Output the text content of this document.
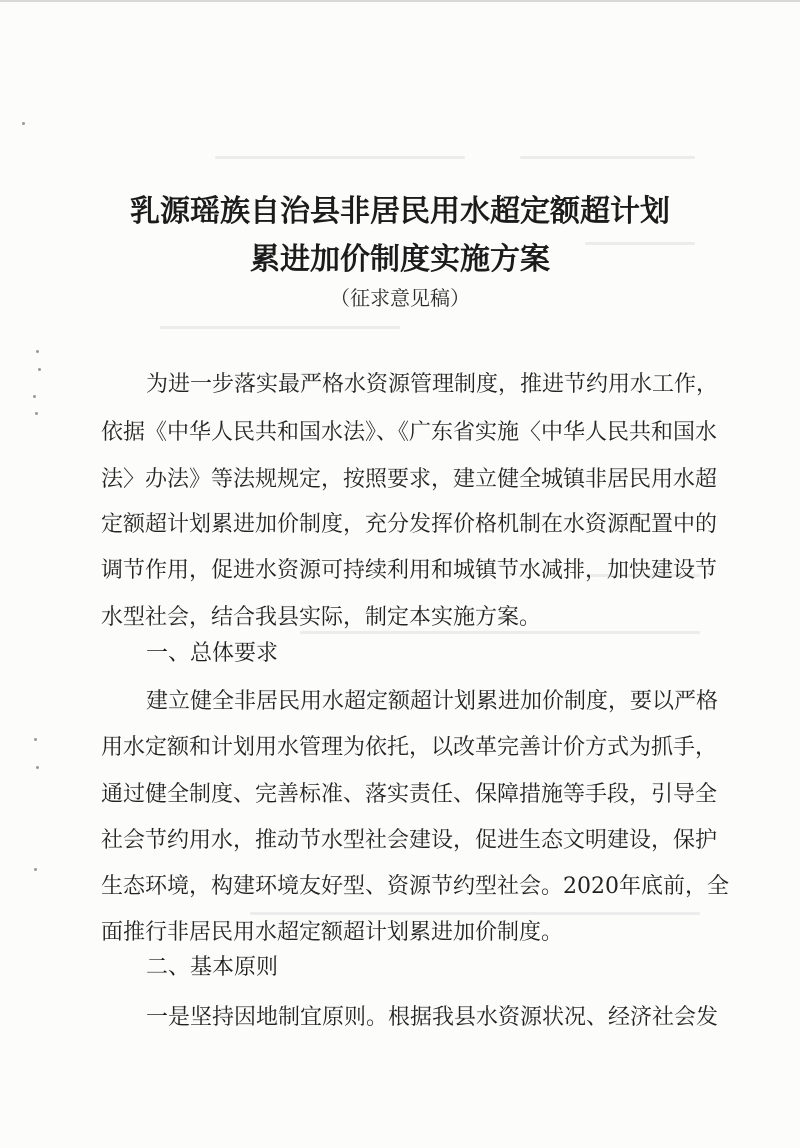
乳源瑶族自治县非居民用水超定额超计划
累进加价制度实施方案
（征求意见稿）
为进一步落实最严格水资源管理制度，推进节约用水工作，
依据《中华人民共和国水法》、《广东省实施〈中华人民共和国水
法〉办法》等法规规定，按照要求，建立健全城镇非居民用水超
定额超计划累进加价制度，充分发挥价格机制在水资源配置中的
调节作用，促进水资源可持续利用和城镇节水减排，加快建设节
水型社会，结合我县实际，制定本实施方案。
一、总体要求
建立健全非居民用水超定额超计划累进加价制度，要以严格
用水定额和计划用水管理为依托，以改革完善计价方式为抓手，
通过健全制度、完善标准、落实责任、保障措施等手段，引导全
社会节约用水，推动节水型社会建设，促进生态文明建设，保护
生态环境，构建环境友好型、资源节约型社会。2020年底前，全
面推行非居民用水超定额超计划累进加价制度。
二、基本原则
一是坚持因地制宜原则。根据我县水资源状况、经济社会发
